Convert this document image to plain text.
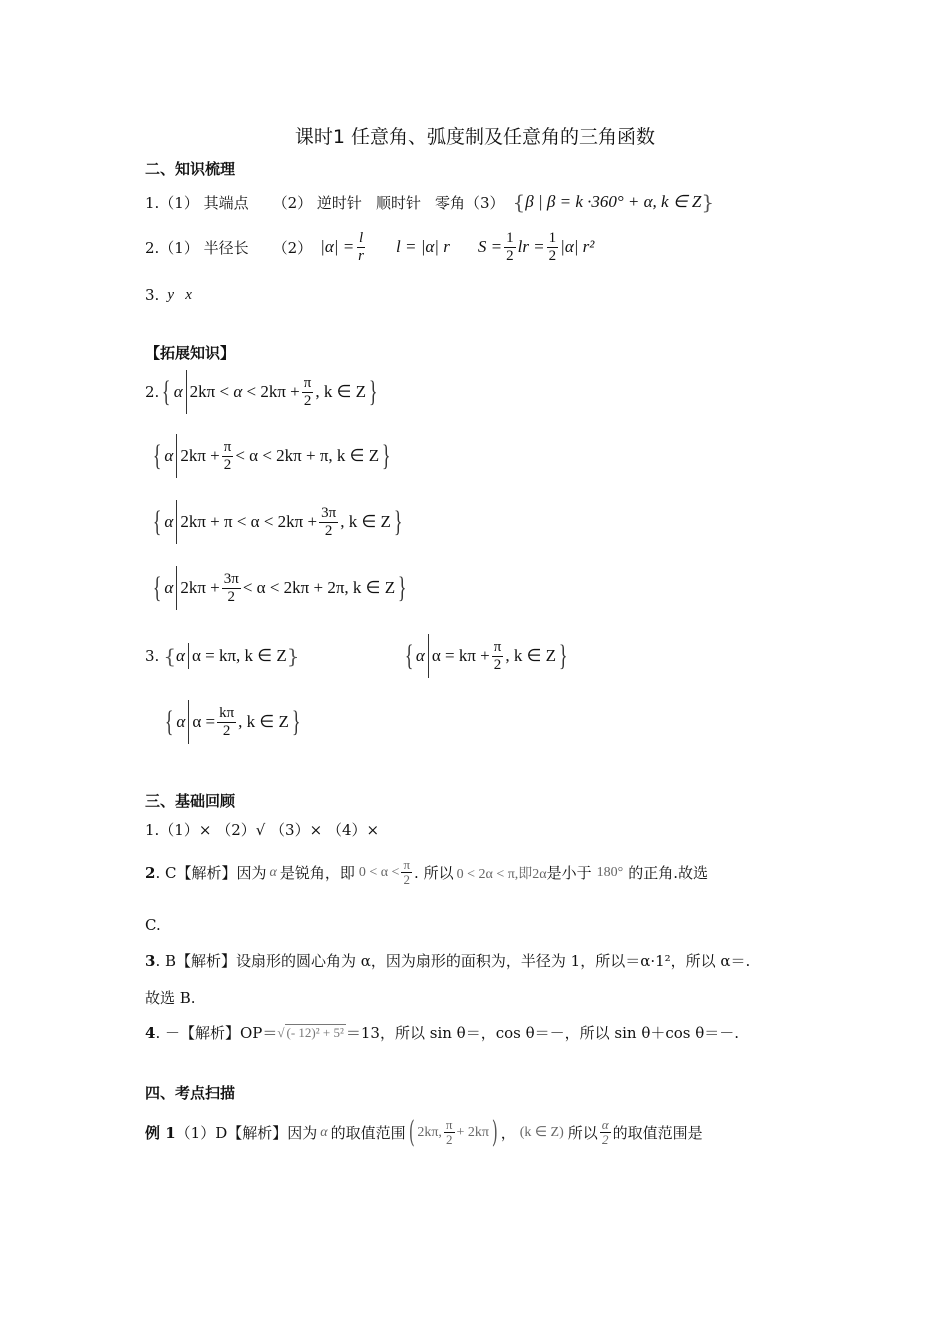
课时1 任意角、弧度制及任意角的三角函数
二、知识梳理
1.（1） 其端点 （2） 逆时针 顺时针 零角（3） { β | β = k ·360° + α, k ∈ Z }
2.（1） 半径长 （2） $|\alpha| = \frac{l}{r}$ l = |α| r $S = \frac{1}{2}$ lr = $\frac{1}{2} |\alpha|$ r²
3. y   x
【拓展知识】
2. { α $2k\pi < \alpha < 2k\pi + \frac{\pi}{2}$ , k ∈ Z }
{ α $2k\pi + \frac{\pi}{2} < \alpha < 2k\pi + \pi$, k ∈ Z }
{ α $2k\pi + \pi < \alpha < 2k\pi + \frac{3\pi}{2}$ , k ∈ Z }
{ α $2k\pi + \frac{3\pi}{2} < \alpha < 2k\pi + 2\pi$, k ∈ Z }
3. { α α = kπ, k ∈ Z }	{ α $\alpha = k\pi + \frac{\pi}{2}$ , k ∈ Z }
{ α $\alpha = \frac{k\pi}{2}$ , k ∈ Z }
三、基础回顾
1.（1）× （2）√ （3）× （4）×
2 . C【解析】因为 α 是锐角，即 $0 < \alpha < \frac{\pi}{2}$ . 所以 0 < 2α < π,即2α 是小于 180° 的正角.故选
C.
3 . B【解析】设扇形的圆心角为 α，因为扇形的面积为，半径为 1，所以＝α·1²，所以 α＝.
故选 B.
4 . －【解析】OP＝ √ (- 12)² + 5² ＝13，所以 sin θ＝，cos θ＝－，所以 sin θ＋cos θ＝－.
四、考点扫描
例 1 （1）D【解析】因为 α 的取值范围 ( 2kπ, $\frac{\pi}{2} + 2k\pi$ ) ， (k ∈ Z) 所以 $\frac{\alpha}{2}$ 的取值范围是
